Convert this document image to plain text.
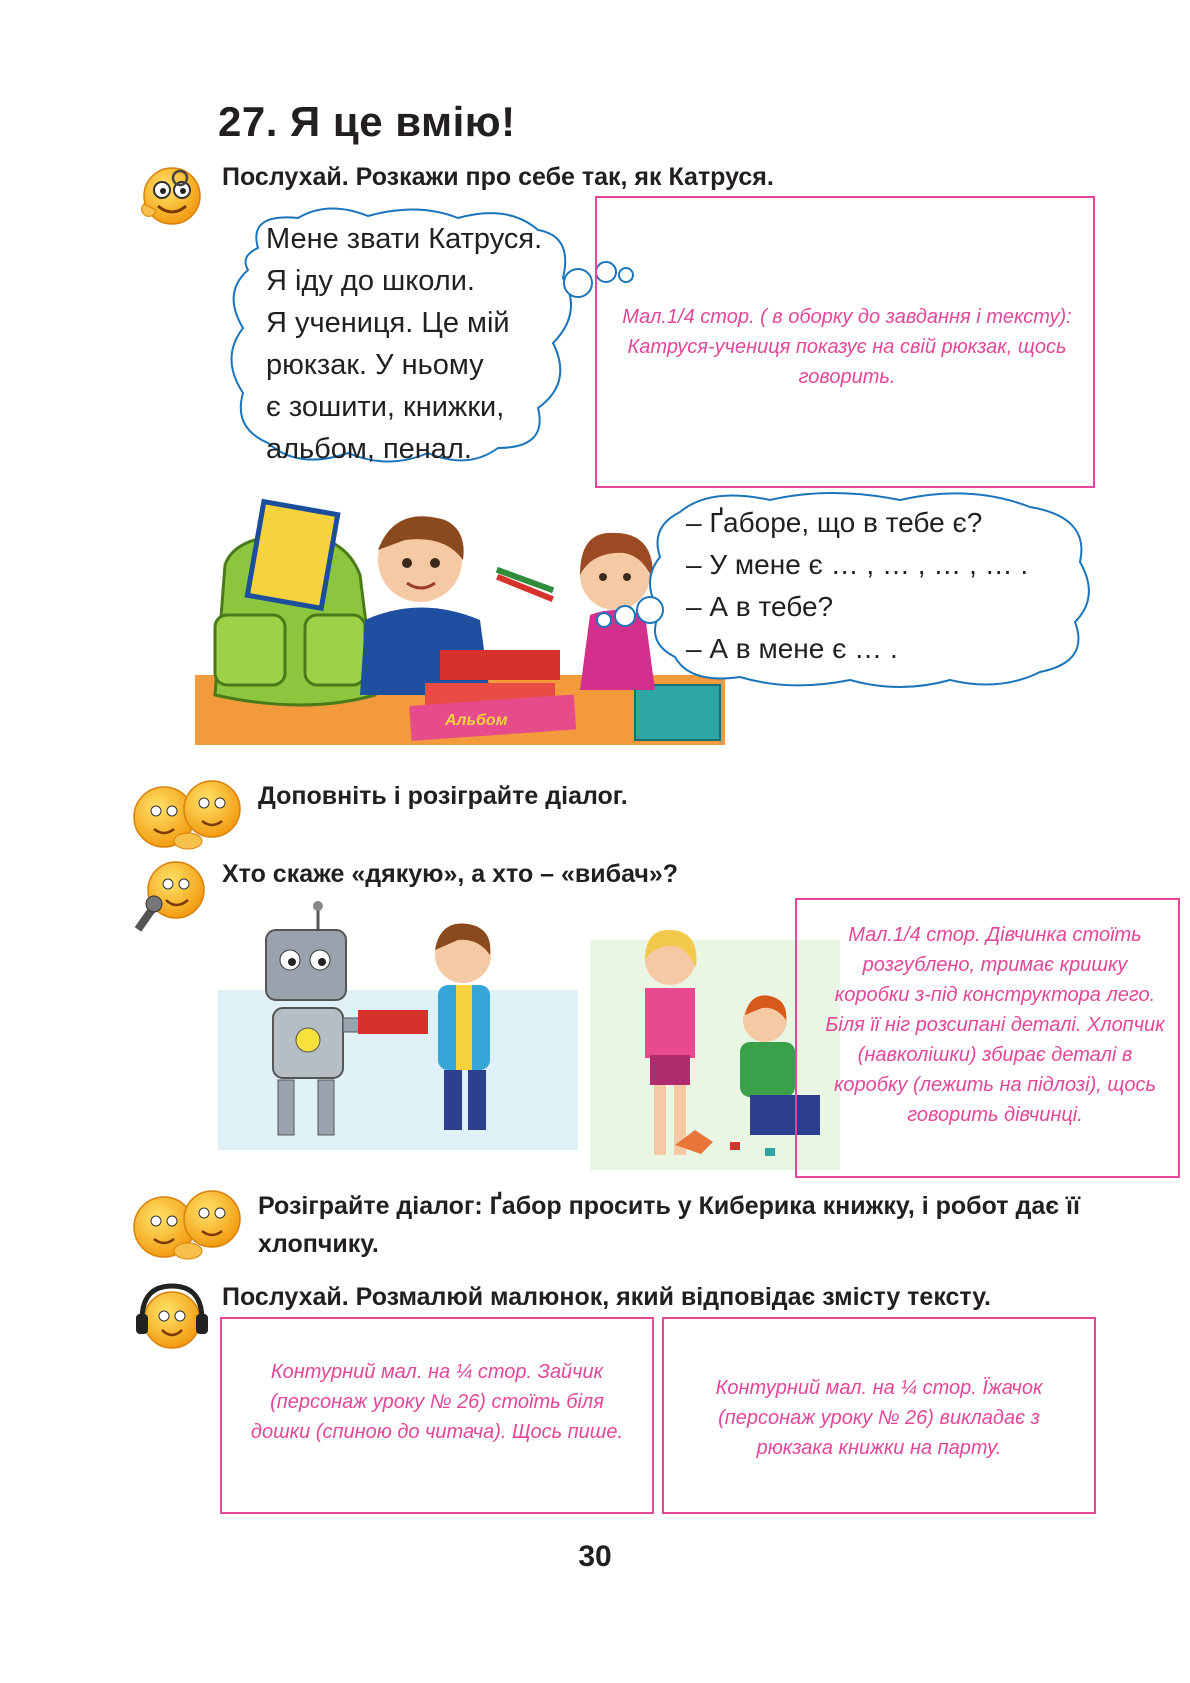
27. Я це вмію!
Послухай. Розкажи про себе так, як Катруся.
Мене звати Катруся.
Я іду до школи.
Я учениця. Це мій
рюкзак. У ньому
є зошити, книжки,
альбом, пенал.
Мал.1/4 стор. ( в оборку до завдання і тексту): Катруся-учениця показує на свій рюкзак, щось говорить.
Альбом
– Ґаборе, що в тебе є?
– У мене є … , … , … , … .
– А в тебе?
– А в мене є … .
Доповніть і розіграйте діалог.
Хто скаже «дякую», а хто – «вибач»?
Мал.1/4 стор. Дівчинка стоїть розгублено, тримає кришку коробки з-під конструктора лего. Біля її ніг розсипані деталі. Хлопчик (навколішки) збирає деталі в коробку (лежить на підлозі), щось говорить дівчинці.
Розіграйте діалог: Ґабор просить у Киберика книжку, і робот дає її хлопчику.
Послухай. Розмалюй малюнок, який відповідає змісту тексту.
Контурний мал. на ¼ стор. Зайчик (персонаж уроку № 26) стоїть біля дошки (спиною до читача). Щось пише.
Контурний мал. на ¼ стор. Їжачок (персонаж уроку № 26) викладає з рюкзака книжки на парту.
30
